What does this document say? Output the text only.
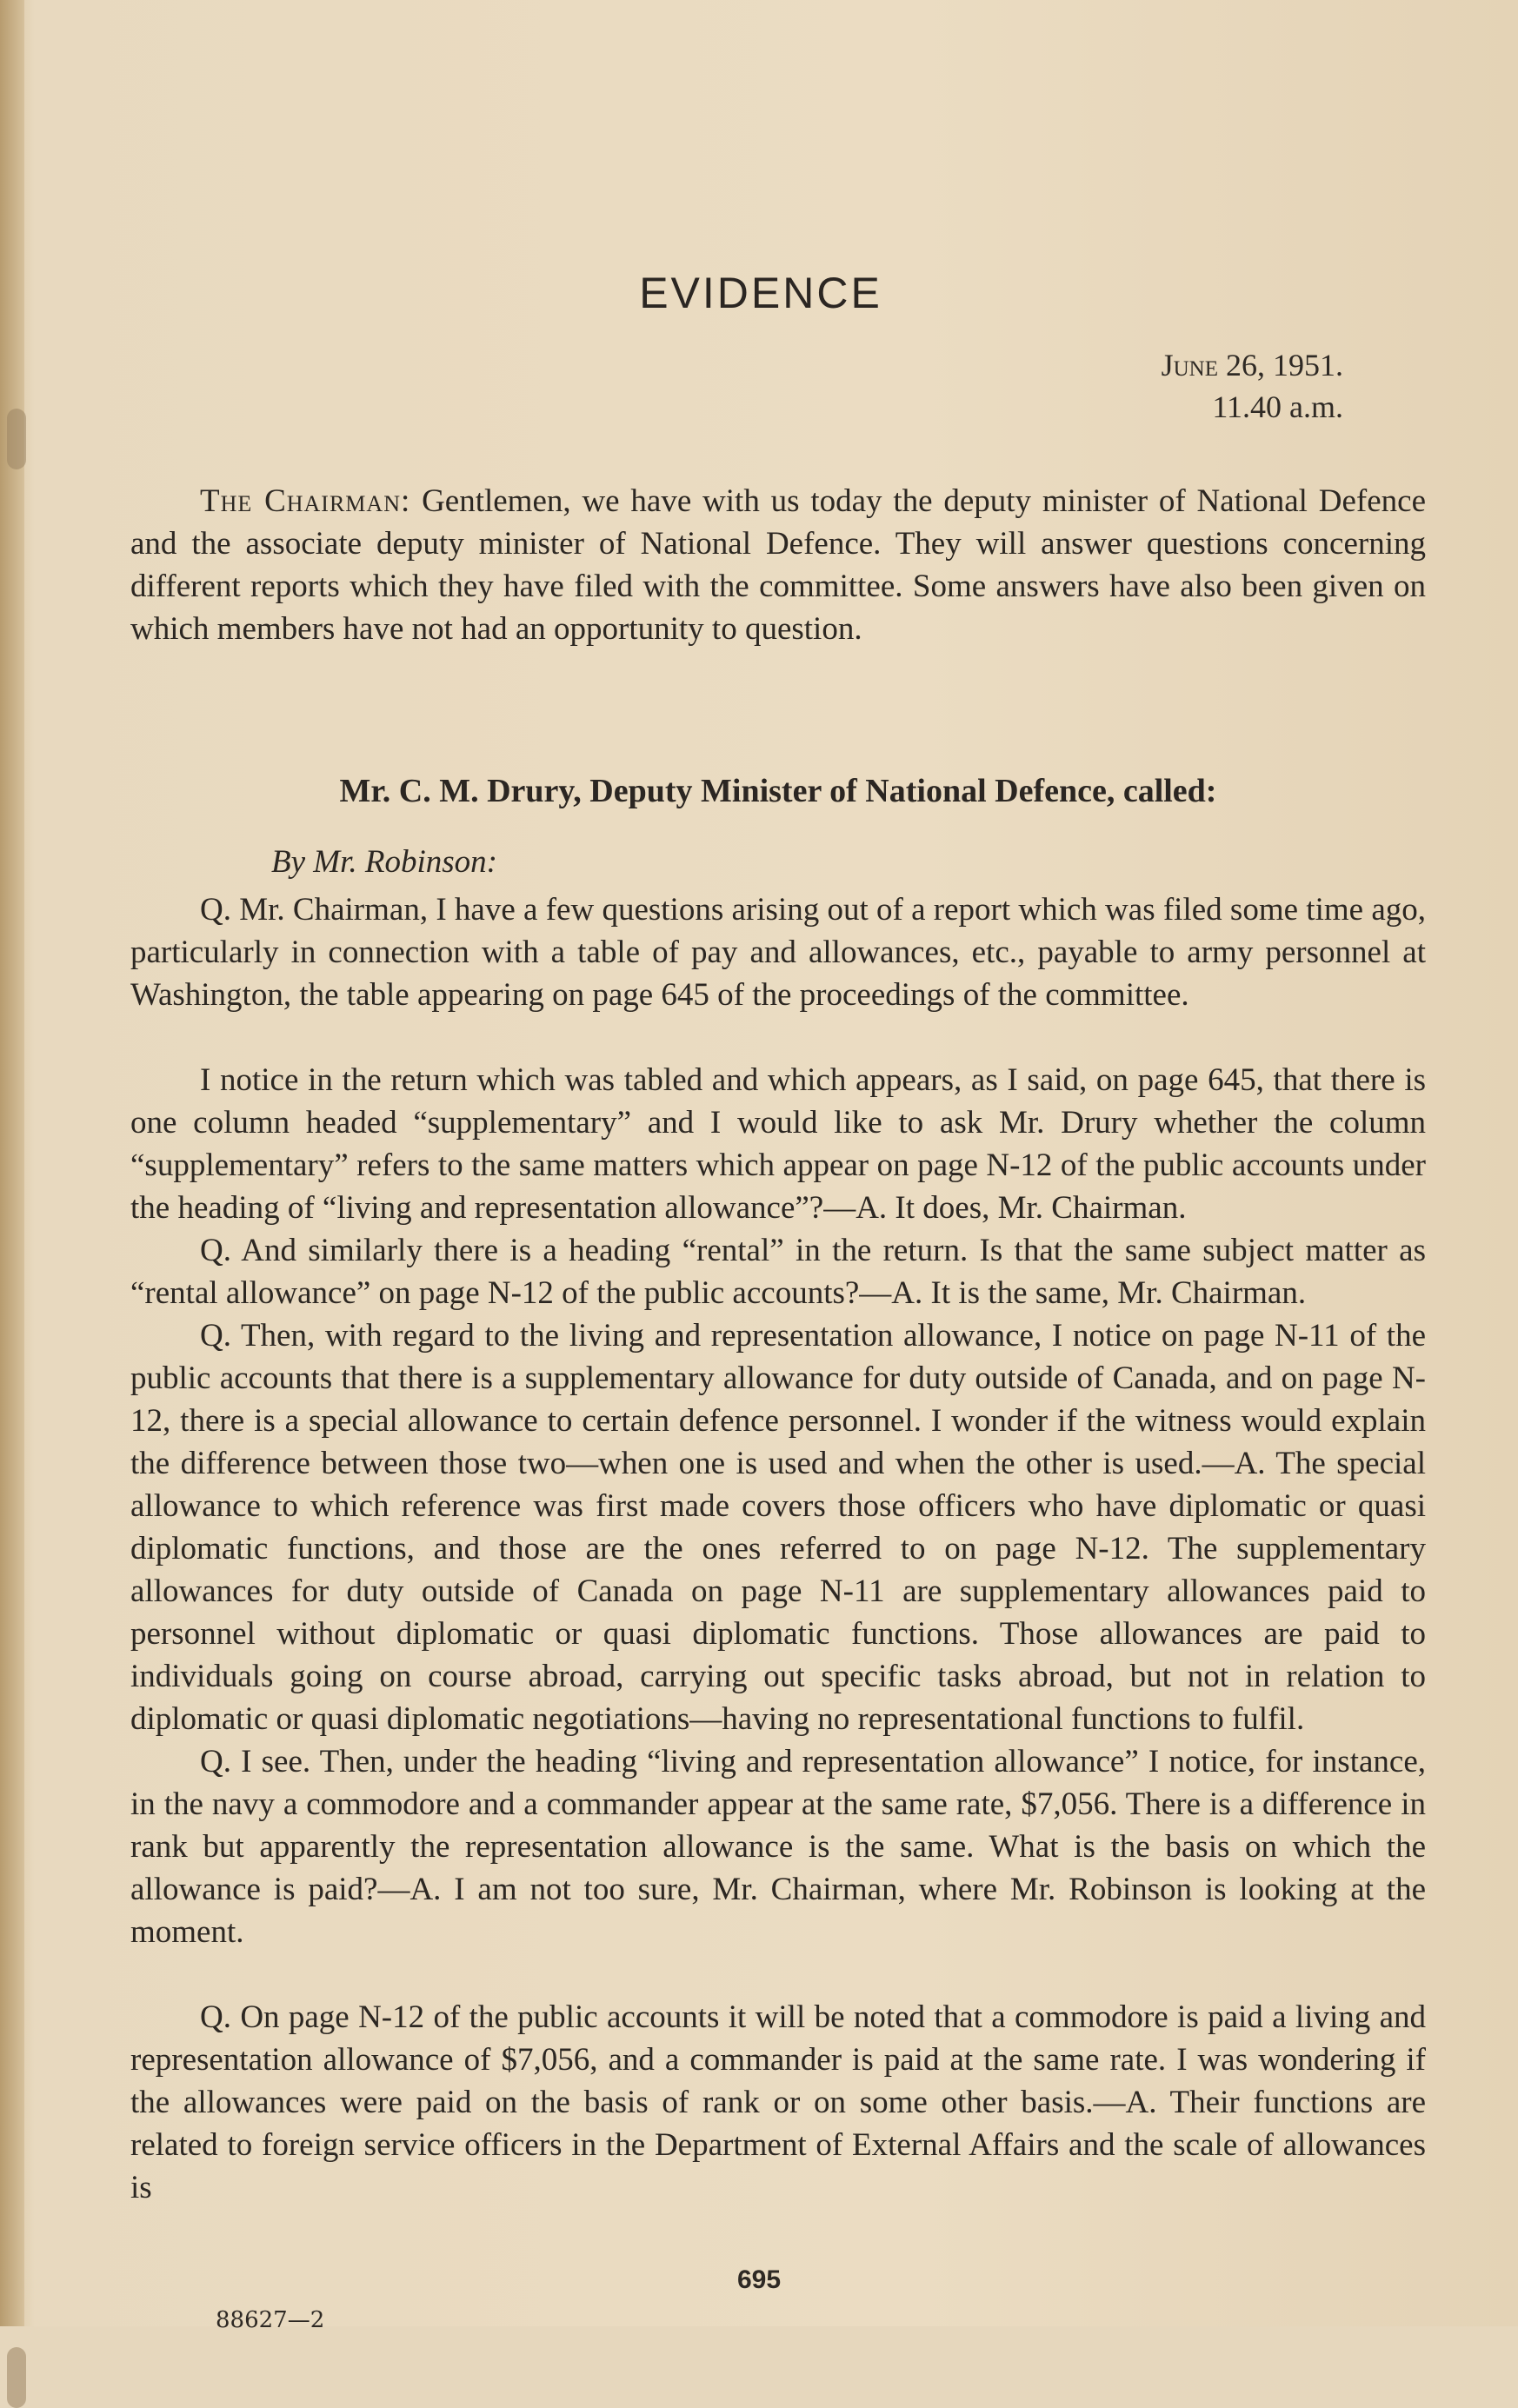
EVIDENCE
June 26, 1951.
11.40 a.m.
The Chairman: Gentlemen, we have with us today the deputy minister of National Defence and the associate deputy minister of National Defence. They will answer questions concerning different reports which they have filed with the committee. Some answers have also been given on which members have not had an opportunity to question.
Mr. C. M. Drury, Deputy Minister of National Defence, called:
By Mr. Robinson:
Q. Mr. Chairman, I have a few questions arising out of a report which was filed some time ago, particularly in connection with a table of pay and allowances, etc., payable to army personnel at Washington, the table appearing on page 645 of the proceedings of the committee.
I notice in the return which was tabled and which appears, as I said, on page 645, that there is one column headed “supplementary” and I would like to ask Mr. Drury whether the column “supplementary” refers to the same matters which appear on page N-12 of the public accounts under the heading of “living and representation allowance”?—A. It does, Mr. Chairman.
Q. And similarly there is a heading “rental” in the return. Is that the same subject matter as “rental allowance” on page N-12 of the public accounts?—A. It is the same, Mr. Chairman.
Q. Then, with regard to the living and representation allowance, I notice on page N-11 of the public accounts that there is a supplementary allowance for duty outside of Canada, and on page N-12, there is a special allowance to certain defence personnel. I wonder if the witness would explain the difference between those two—when one is used and when the other is used.—A. The special allowance to which reference was first made covers those officers who have diplomatic or quasi diplomatic functions, and those are the ones referred to on page N-12. The supplementary allowances for duty outside of Canada on page N-11 are supplementary allowances paid to personnel without diplomatic or quasi diplomatic functions. Those allowances are paid to individuals going on course abroad, carrying out specific tasks abroad, but not in relation to diplomatic or quasi diplomatic negotiations—having no representational functions to fulfil.
Q. I see. Then, under the heading “living and representation allowance” I notice, for instance, in the navy a commodore and a commander appear at the same rate, $7,056. There is a difference in rank but apparently the representation allowance is the same. What is the basis on which the allowance is paid?—A. I am not too sure, Mr. Chairman, where Mr. Robinson is looking at the moment.
Q. On page N-12 of the public accounts it will be noted that a commodore is paid a living and representation allowance of $7,056, and a commander is paid at the same rate. I was wondering if the allowances were paid on the basis of rank or on some other basis.—A. Their functions are related to foreign service officers in the Department of External Affairs and the scale of allowances is
695
88627—2
